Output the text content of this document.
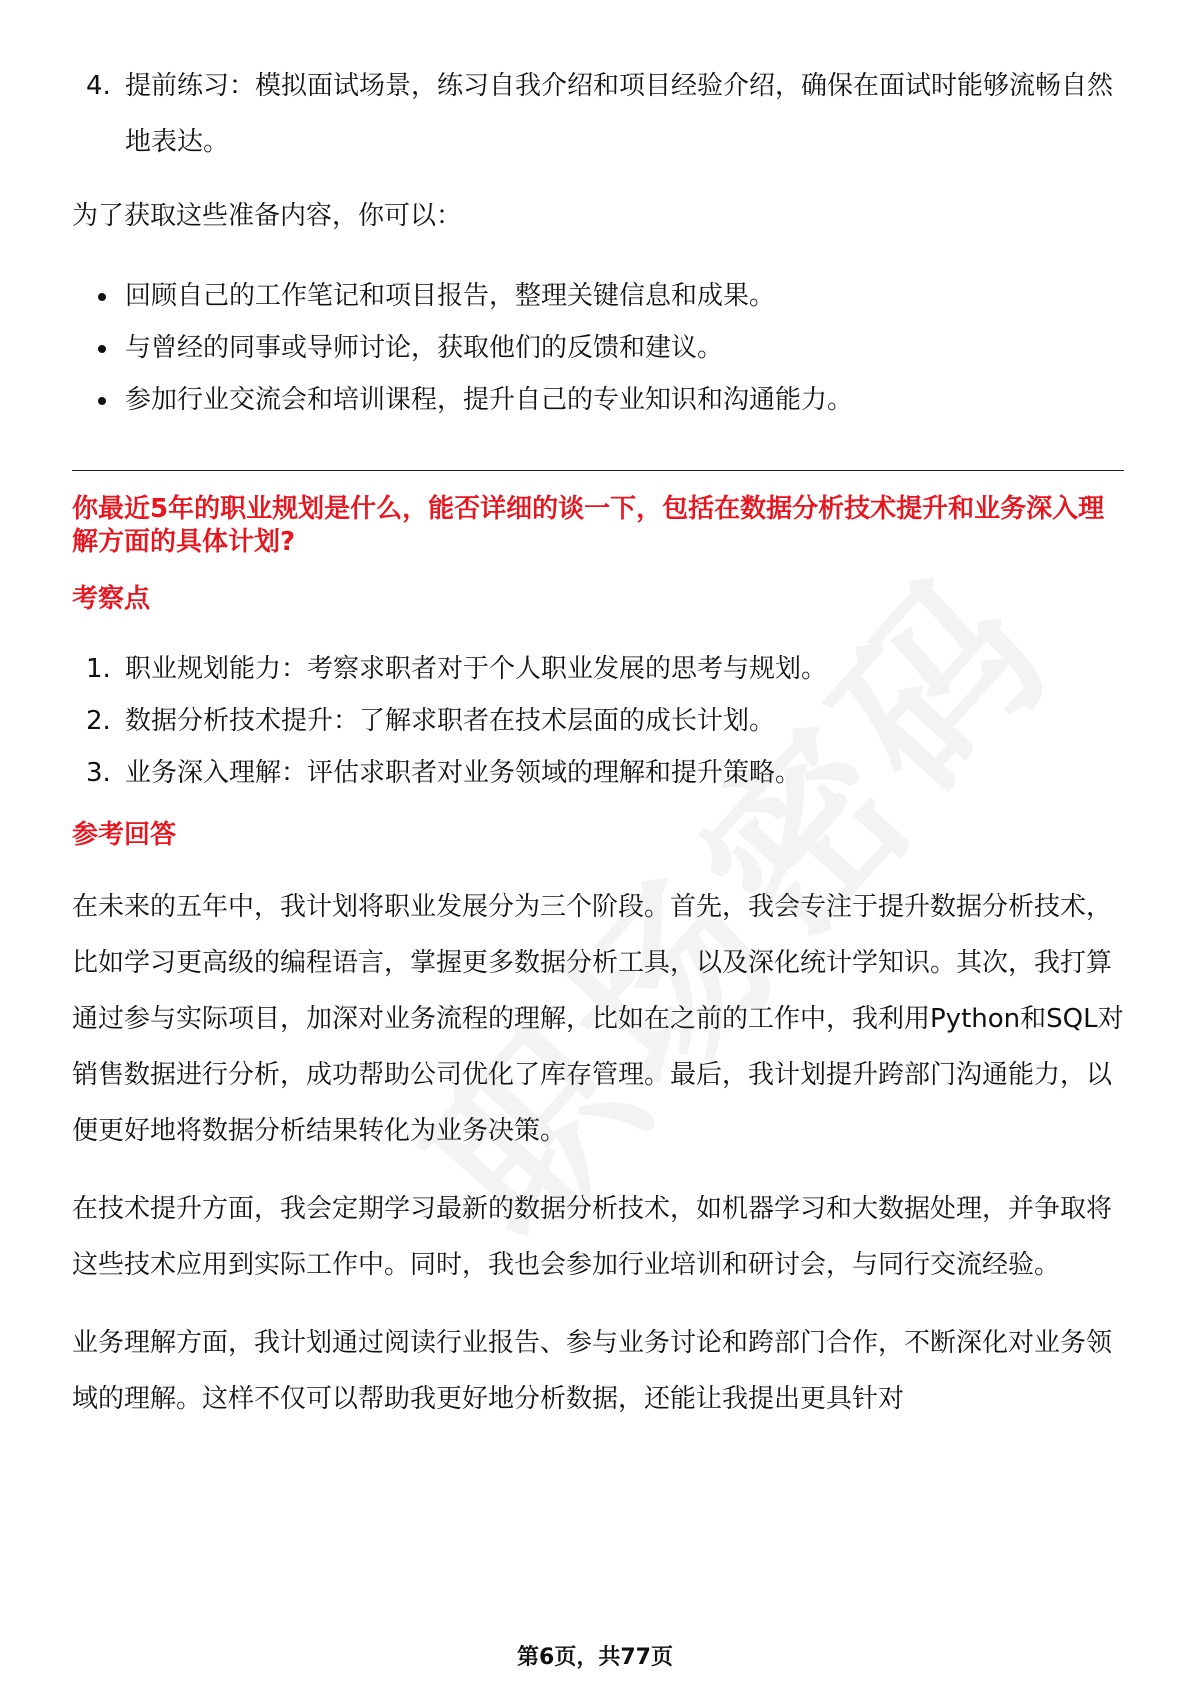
4. 提前练习：模拟面试场景，练习自我介绍和项目经验介绍，确保在面试时能够流畅自然地表达。

为了获取这些准备内容，你可以：

回顾自己的工作笔记和项目报告，整理关键信息和成果。
与曾经的同事或导师讨论，获取他们的反馈和建议。
参加行业交流会和培训课程，提升自己的专业知识和沟通能力。

你最近5年的职业规划是什么，能否详细的谈一下，包括在数据分析技术提升和业务深入理解方面的具体计划?

考察点

1. 职业规划能力：考察求职者对于个人职业发展的思考与规划。
2. 数据分析技术提升：了解求职者在技术层面的成长计划。
3. 业务深入理解：评估求职者对业务领域的理解和提升策略。

参考回答

在未来的五年中，我计划将职业发展分为三个阶段。首先，我会专注于提升数据分析技术，比如学习更高级的编程语言，掌握更多数据分析工具，以及深化统计学知识。其次，我打算通过参与实际项目，加深对业务流程的理解，比如在之前的工作中，我利用Python和SQL对销售数据进行分析，成功帮助公司优化了库存管理。最后，我计划提升跨部门沟通能力，以便更好地将数据分析结果转化为业务决策。

在技术提升方面，我会定期学习最新的数据分析技术，如机器学习和大数据处理，并争取将这些技术应用到实际工作中。同时，我也会参加行业培训和研讨会，与同行交流经验。

业务理解方面，我计划通过阅读行业报告、参与业务讨论和跨部门合作，不断深化对业务领域的理解。这样不仅可以帮助我更好地分析数据，还能让我提出更具针对

第6页，共77页
